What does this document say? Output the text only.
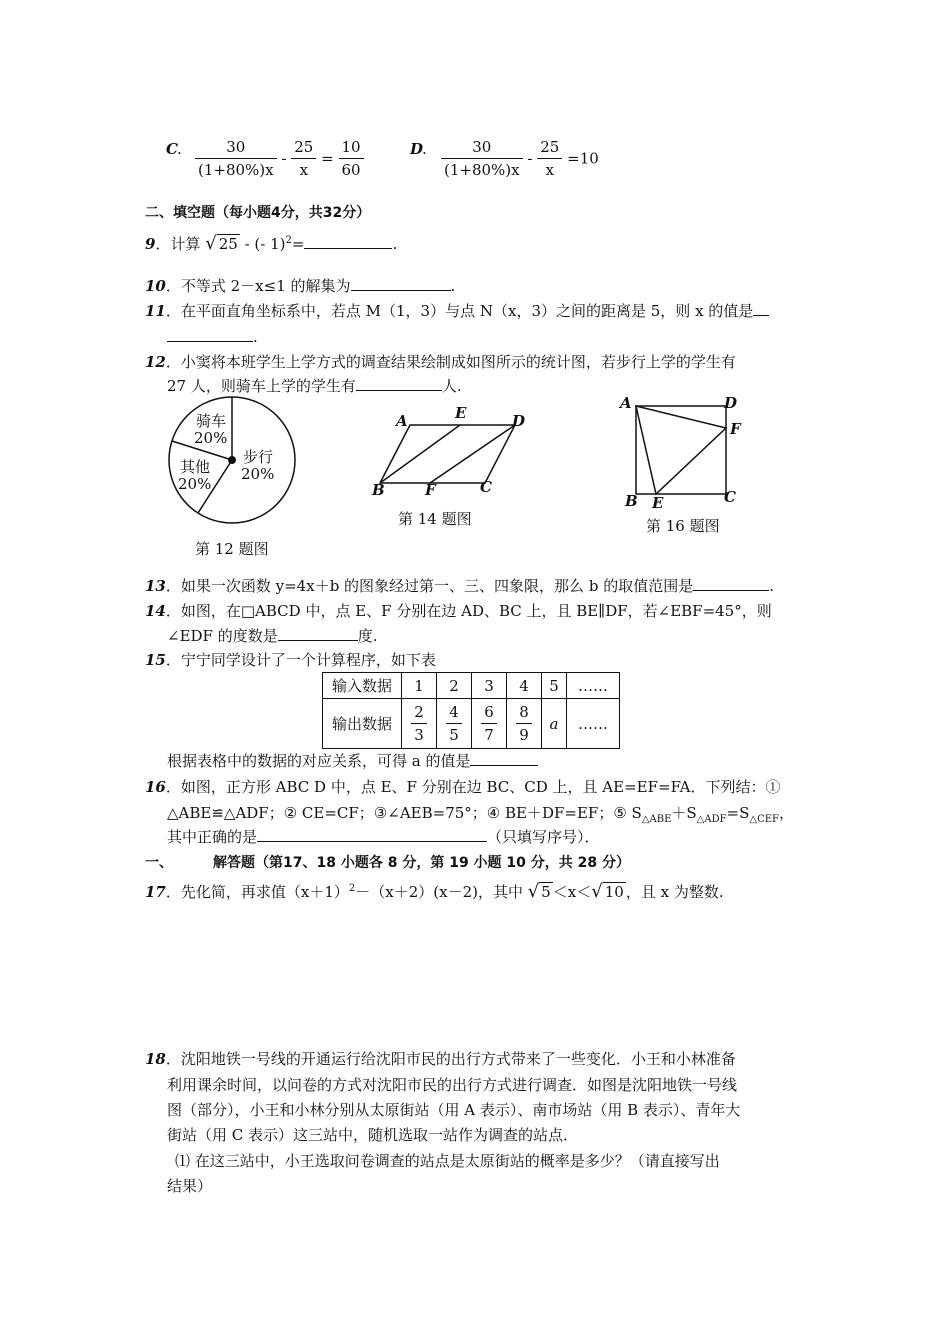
C . $\frac{30}{(1+80\%)x} - \frac{25}{x} = \frac{10}{60}$	D
. $\frac{30}{(1+80\%)x} - \frac{25}{x} =10$
二、填空题（每小题4分，共32分）
9．计算 √ 25 - (- 1)$^2$=	.
10．不等式 2－x≤1 的解集为	.
11．在平面直角坐标系中，若点 M（1，3）与点 N（x，3）之间的距离是 5，则 x 的值是
.
12．小窦将本班学生上学方式的调查结果绘制成如图所示的统计图，若步行上学的学生有
27 人，则骑车上学的学生有	人.
骑车
20%
步行
20%
其他
20%
第 12 题图
A	E	D
B	F	C
第 14 题图
A	D
F
B E	C
第 16 题图
13．如果一次函数 y=4x＋b 的图象经过第一、三、四象限，那么 b 的取值范围是	.
14．如图，在□ABCD 中，点 E、F 分别在边 AD、BC 上，且 BE∥DF，若∠EBF=45°，则
∠EDF 的度数是	度.
15．宁宁同学设计了一个计算程序，如下表
输入数据	1	2	3	4	5	……
输出数据	$\frac{2}{3}$	$\frac{4}{5}$	$\frac{6}{7}$	$\frac{8}{9}$	a	……
根据表格中的数据的对应关系，可得 a 的值是
16．如图，正方形 ABC D 中，点 E、F 分别在边 BC、CD 上，且 AE=EF=FA．下列结：①
△ABE≌△ADF；② CE=CF；③∠AEB=75°；④ BE＋DF=EF；⑤ $S_{\triangle ABE}+S_{\triangle ADF}=S_{\triangle CEF}$，
其中正确的是	（只填写序号）．
一、	解答题（第17、18 小题各 8 分，第 19 小题 10 分，共 28 分）
17．先化简，再求值$(x+1)^2-(x+2)(x-2)$，其中 √ 5 ＜x＜√ 10 ，且 x 为整数.
18．沈阳地铁一号线的开通运行给沈阳市民的出行方式带来了一些变化．小王和小林准备
利用课余时间，以问卷的方式对沈阳市民的出行方式进行调查．如图是沈阳地铁一号线
图（部分），小王和小林分别从太原街站（用 A 表示）、南市场站（用 B 表示）、青年大
街站（用 C 表示）这三站中，随机选取一站作为调查的站点．
⑴ 在这三站中，小王选取问卷调查的站点是太原街站的概率是多少？（请直接写出
结果）
